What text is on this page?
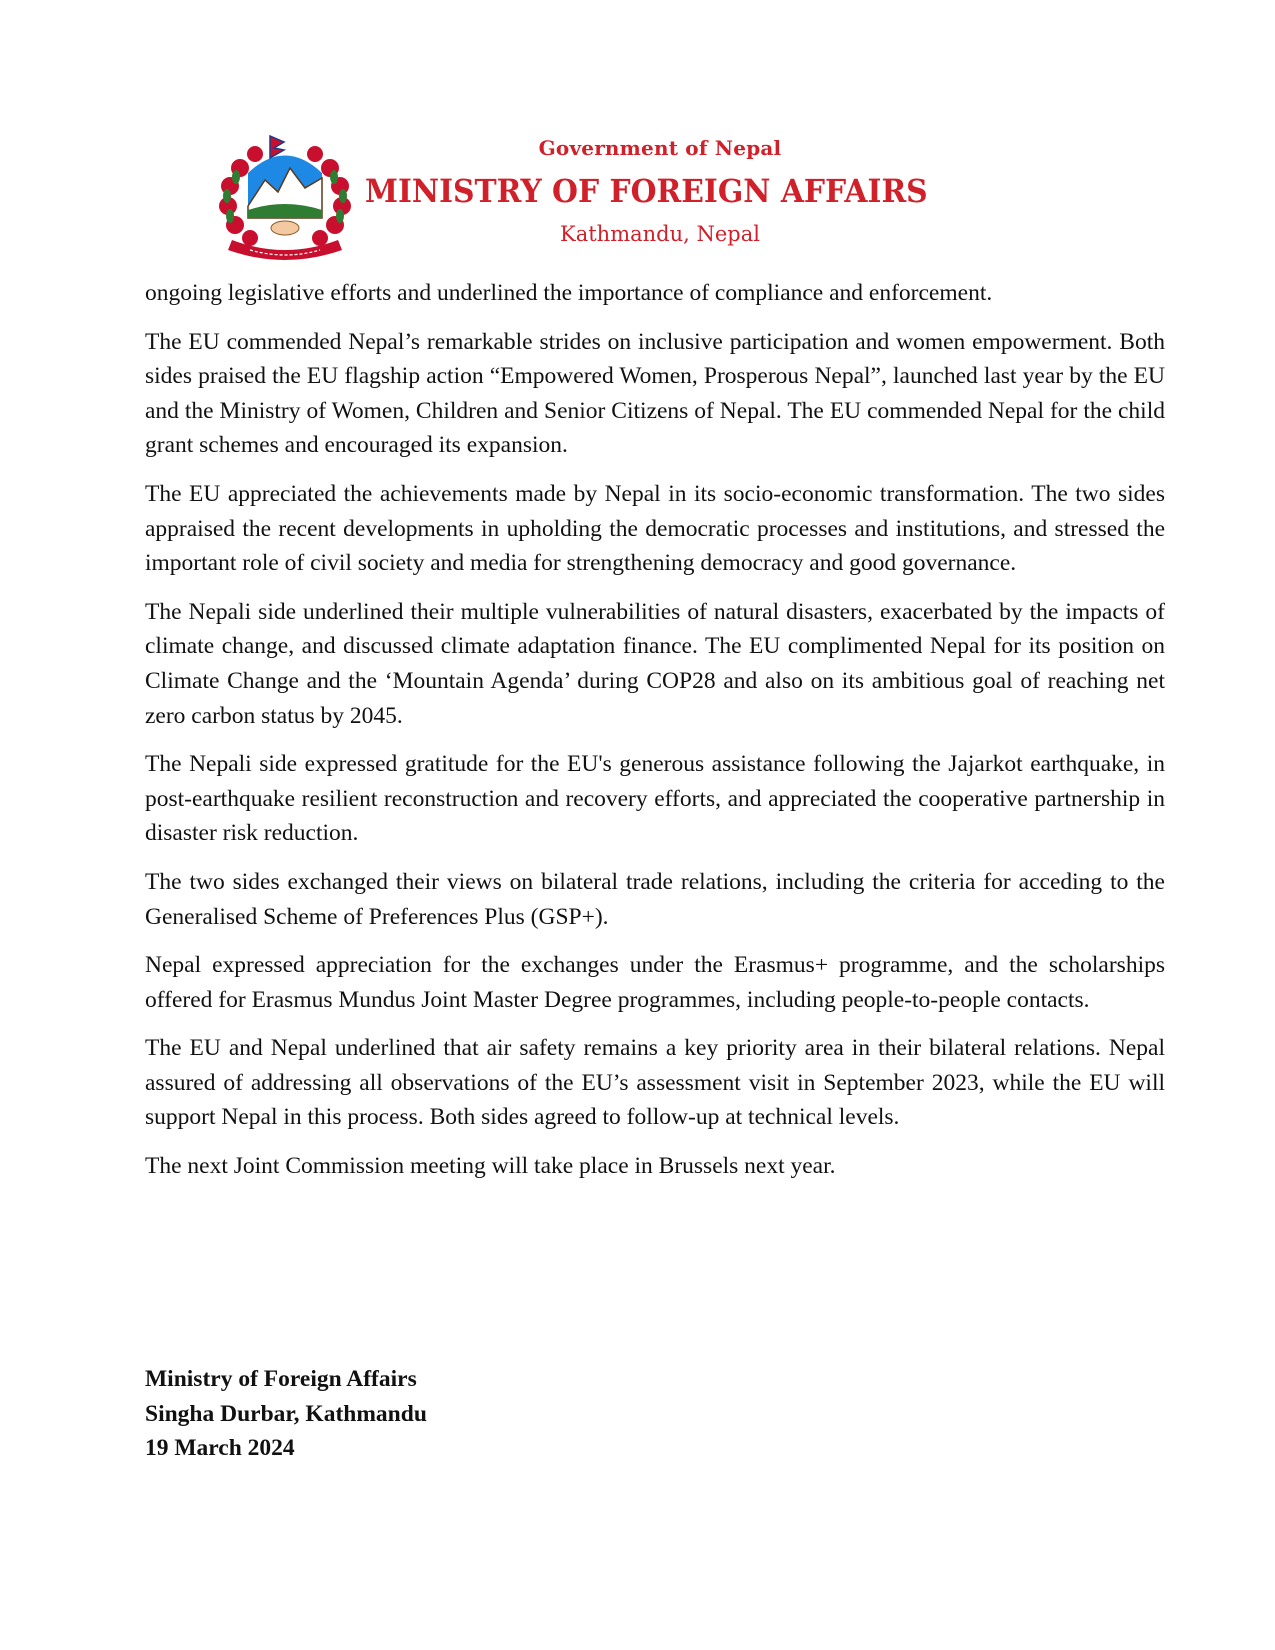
Government of Nepal
MINISTRY OF FOREIGN AFFAIRS
Kathmandu, Nepal

ongoing legislative efforts and underlined the importance of compliance and enforcement.

The EU commended Nepal’s remarkable strides on inclusive participation and women empowerment. Both sides praised the EU flagship action “Empowered Women, Prosperous Nepal”, launched last year by the EU and the Ministry of Women, Children and Senior Citizens of Nepal. The EU commended Nepal for the child grant schemes and encouraged its expansion.

The EU appreciated the achievements made by Nepal in its socio-economic transformation. The two sides appraised the recent developments in upholding the democratic processes and institutions, and stressed the important role of civil society and media for strengthening democracy and good governance.

The Nepali side underlined their multiple vulnerabilities of natural disasters, exacerbated by the impacts of climate change, and discussed climate adaptation finance. The EU complimented Nepal for its position on Climate Change and the ‘Mountain Agenda’ during COP28 and also on its ambitious goal of reaching net zero carbon status by 2045.

The Nepali side expressed gratitude for the EU's generous assistance following the Jajarkot earthquake, in post-earthquake resilient reconstruction and recovery efforts, and appreciated the cooperative partnership in disaster risk reduction.

The two sides exchanged their views on bilateral trade relations, including the criteria for acceding to the Generalised Scheme of Preferences Plus (GSP+).

Nepal expressed appreciation for the exchanges under the Erasmus+ programme, and the scholarships offered for Erasmus Mundus Joint Master Degree programmes, including people-to-people contacts.

The EU and Nepal underlined that air safety remains a key priority area in their bilateral relations. Nepal assured of addressing all observations of the EU’s assessment visit in September 2023, while the EU will support Nepal in this process. Both sides agreed to follow-up at technical levels.

The next Joint Commission meeting will take place in Brussels next year.

Ministry of Foreign Affairs
Singha Durbar, Kathmandu
19 March 2024
